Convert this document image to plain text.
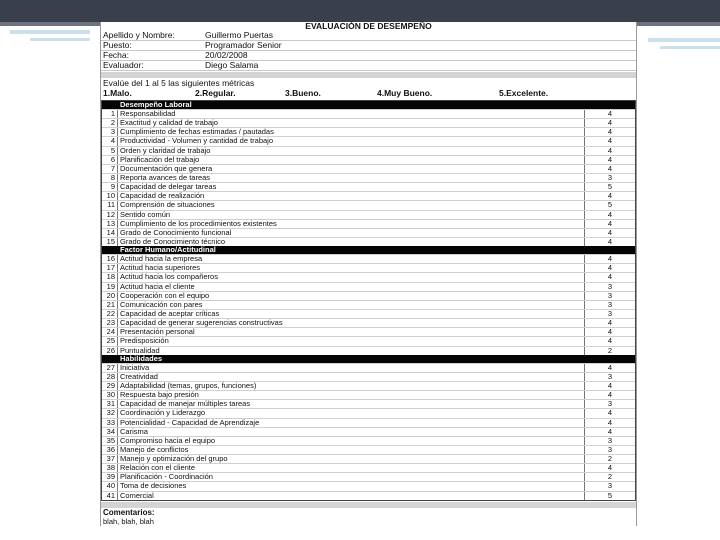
EVALUACIÓN DE DESEMPEÑO
Apellido y Nombre:	Guillermo Puertas
Puesto:	Programador Senior
Fecha:	20/02/2008
Evaluador:	Diego Salama
Evalúe del 1 al 5 las siguientes métricas
1.Malo.	2.Regular.	3.Bueno.	4.Muy Bueno.	5.Excelente.
Desempeño Laboral
1 Responsabilidad	4
2 Exactitud y calidad de trabajo	4
3 Cumplimiento de fechas estimadas / pautadas	4
4 Productividad - Volumen y cantidad de trabajo	4
5 Orden y claridad de trabajo	4
6 Planificación del trabajo	4
7 Documentación que genera	4
8 Reporta avances de tareas	3
9 Capacidad de delegar tareas	5
10 Capacidad de realización	4
11 Comprensión de situaciones	5
12 Sentido común	4
13 Cumplimiento de los procedimientos existentes	4
14 Grado de Conocimiento funcional	4
15 Grado de Conocimiento técnico	4
Factor Humano/Actitudinal
16 Actitud hacia la empresa	4
17 Actitud hacia superiores	4
18 Actitud hacia los compañeros	4
19 Actitud hacia el cliente	3
20 Cooperación con el equipo	3
21 Comunicación con pares	3
22 Capacidad de aceptar críticas	3
23 Capacidad de generar sugerencias constructivas	4
24 Presentación personal	4
25 Predisposición	4
26 Puntualidad	2
Habilidades
27 Iniciativa	4
28 Creatividad	3
29 Adaptabilidad (temas, grupos, funciones)	4
30 Respuesta bajo presión	4
31 Capacidad de manejar múltiples tareas	3
32 Coordinación y Liderazgo	4
33 Potencialidad - Capacidad de Aprendizaje	4
34 Carisma	4
35 Compromiso hacia el equipo	3
36 Manejo de conflictos	3
37 Manejo y optimización del grupo	2
38 Relación con el cliente	4
39 Planificación - Coordinación	2
40 Toma de decisiones	3
41 Comercial	5
Comentarios:
blah, blah, blah
